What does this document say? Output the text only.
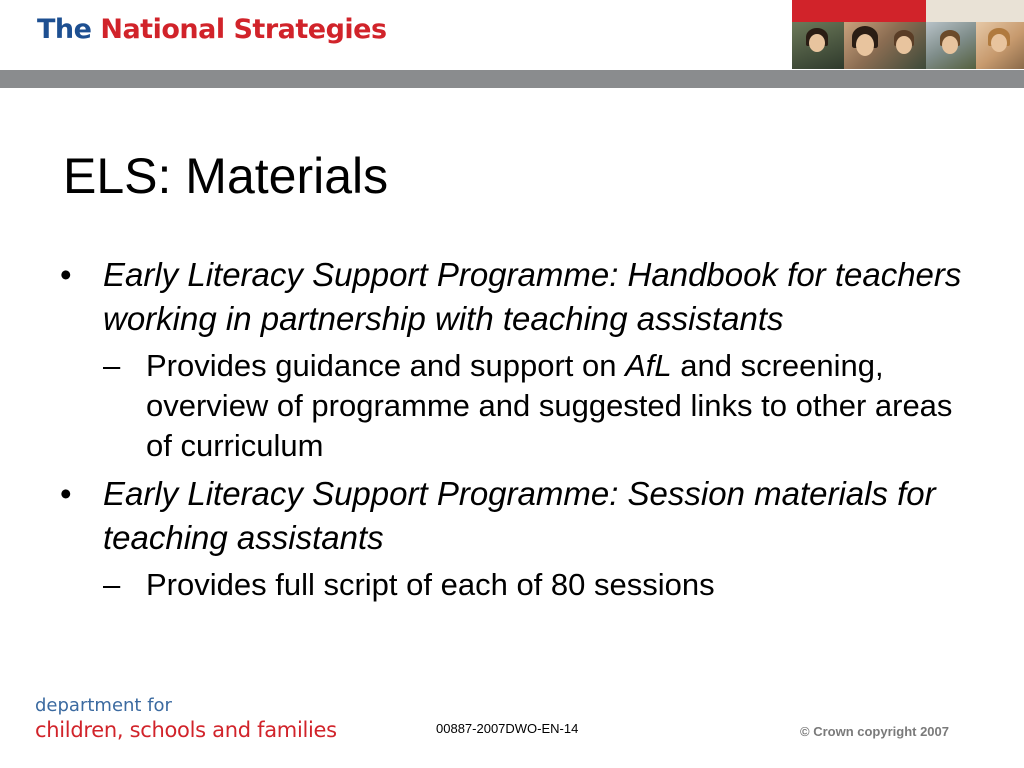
The National Strategies
ELS: Materials
• Early Literacy Support Programme: Handbook for teachers working in partnership with teaching assistants
– Provides guidance and support on AfL and screening, overview of programme and suggested links to other areas of curriculum
• Early Literacy Support Programme: Session materials for teaching assistants
– Provides full script of each of 80 sessions
department for
children, schools and families	00887-2007DWO-EN-14	© Crown copyright 2007
